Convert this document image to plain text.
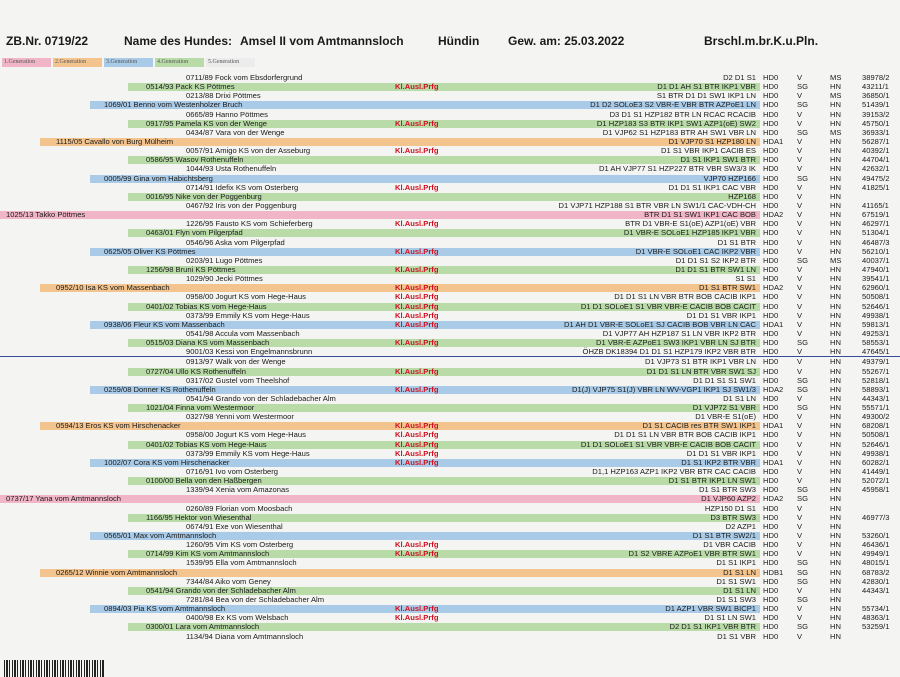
ZB.Nr. 0719/22	Name des Hundes: Amsel II vom Amtmannsloch	Hündin Gew. am: 25.03.2022	Brschl.m.br.K.u.Pln.
1.Generation	2.Generation	3.Generation	4.Generation	5.Generation
0711/89 Fock vom Ebsdorfergrund	D2 D1 S1 HD0 V	MS	38978/2
0514/93 Pack KS Pöttmes	Kl.Ausl.Prfg	D1 D1 AH S1 BTR IKP1 VBR HD0 SG	HN	43211/1
0213/88 Drixi Pöttmes	S1 BTR D1 D1 SW1 IKP1 LN HD0 V	MS	36850/1
1069/01 Benno vom Westenholzer Bruch	D1 D2 SOLoE3 S2 VBR-E VBR BTR AZPoE1 LN HD0 SG	HN	51439/1
0665/89 Hanno Pöttmes	D3 D1 S1 HZP182 BTR LN RCAC RCACIB HD0 V	HN	39153/2
0917/95 Pamela KS von der Wenge	Kl.Ausl.Prfg	D1 HZP183 S3 BTR IKP1 SW1 AZP1(oE) SW2 HD0 V	HN	45750/1
0434/87 Vara von der Wenge	D1 VJP62 S1 HZP183 BTR AH SW1 VBR LN HD0 SG	MS	36933/1
1115/05 Cavallo von Burg Mülheim	D1 VJP70 S1 HZP180 LN HDA1 V	HN	56287/1
0057/91 Amigo KS von der Asseburg	Kl.Ausl.Prfg	D1 S1 VBR IKP1 CACIB ES HD0 V	HN	40392/1
0586/95 Wasov Rothenuffeln	D1 S1 IKP1 SW1 BTR HD0 V	HN	44704/1
1044/93 Usta Rothenuffeln	D1 AH VJP77 S1 HZP227 BTR VBR SW3/3 IK HD0 V	HN	42632/1
0005/99 Gina vom Habichtsberg	VJP70 HZP166 HD0 SG	HN	49475/2
0714/91 Idefix KS vom Osterberg	Kl.Ausl.Prfg	D1 D1 S1 IKP1 CAC VBR HD0 V	HN	41825/1
0016/95 Nike von der Poggenburg	HZP168 HD0 V	HN
0467/92 Iris von der Poggenburg	D1 VJP71 HZP188 S1 BTR VBR LN SW1/1 CAC-VDH-CH HD0 V	HN	41165/1
1025/13 Takko Pöttmes	BTR D1 S1 SW1 IKP1 CAC BOB HDA2 V	HN	67519/1
1226/95 Fausto KS vom Schieferberg	Kl.Ausl.Prfg	BTR D1 VBR-E S1(oE) AZP1(oE) VBR HD0 V	HN	46297/1
0463/01 Flyn vom Pilgerpfad	D1 VBR-E SOLoE1 HZP185 IKP1 VBR HD0 V	HN	51304/1
0546/96 Aska vom Pilgerpfad	D1 S1 BTR HD0 V	HN	46487/3
0625/05 Oliver KS Pöttmes	Kl.Ausl.Prfg	D1 VBR-E SOLoE1 CAC IKP2 VBR HD0 V	HN	56210/1
0203/91 Lugo Pöttmes	D1 D1 S1 S2 IKP2 BTR HD0 SG	MS	40037/1
1256/98 Bruni KS Pöttmes	Kl.Ausl.Prfg	D1 D1 S1 BTR SW1 LN HD0 V	HN	47940/1
1029/90 Jecki Pöttmes	S1 S1 HD0 V	HN	39541/1
0952/10 Isa KS vom Massenbach	Kl.Ausl.Prfg	D1 S1 BTR SW1 HDA2 V	HN	62960/1
0958/00 Jogurt KS vom Hege-Haus	Kl.Ausl.Prfg	D1 D1 S1 LN VBR BTR BOB CACIB IKP1 HD0 V	HN	50508/1
0401/02 Tobias KS vom Hege-Haus	Kl.Ausl.Prfg	D1 D1 SOLoE1 S1 VBR VBR-E CACIB BOB CACIT HD0 V	HN	52646/1
0373/99 Emmily KS vom Hege-Haus	Kl.Ausl.Prfg	D1 D1 S1 VBR IKP1 HD0 V	HN	49938/1
0938/06 Fleur KS vom Massenbach	Kl.Ausl.Prfg	D1 AH D1 VBR-E SOLoE1 SJ CACIB BOB VBR LN CAC HDA1 V	HN	59813/1
0541/98 Accula vom Massenbach	D1 VJP77 AH HZP187 S1 LN VBR IKP2 BTR HD0 V	HN	49253/1
0515/03 Diana KS vom Massenbach	Kl.Ausl.Prfg	D1 VBR-E AZPoE1 SW3 IKP1 VBR LN SJ BTR HD0 SG	HN	58553/1
9001/03 Kessi von Engelmannsbrunn	ÖHZB DK18394 D1 D1 S1 HZP179 IKP2 VBR BTR HD0 V	HN	47645/1
0913/97 Walk von der Wenge	D1 VJP73 S1 BTR IKP1 VBR LN HD0 V	HN	49379/1
0727/04 Ullo KS Rothenuffeln	Kl.Ausl.Prfg	D1 D1 S1 LN BTR VBR SW1 SJ HD0 V	HN	55267/1
0317/02 Gustel vom Theelshof	D1 D1 S1 S1 SW1 HD0 SG	HN	52818/1
0259/08 Donner KS Rothenuffeln	Kl.Ausl.Prfg	D1(J) VJP75 S1(J) VBR LN WV-VGP1 IKP1 SJ SW1/3 HDA2 SG	HN	58893/1
0541/94 Grando von der Schladebacher Alm	D1 S1 LN HD0 V	HN	44343/1
1021/04 Finna vom Westermoor	D1 VJP72 S1 VBR HD0 SG	HN	55571/1
0327/98 Yenni vom Westermoor	D1 VBR-E S1(oE) HD0 V	HN	49300/2
0594/13 Eros KS vom Hirschenacker	Kl.Ausl.Prfg	D1 S1 CACIB res BTR SW1 IKP1 HDA1 V	HN	68208/1
0958/00 Jogurt KS vom Hege-Haus	Kl.Ausl.Prfg	D1 D1 S1 LN VBR BTR BOB CACIB IKP1 HD0 V	HN	50508/1
0401/02 Tobias KS vom Hege-Haus	Kl.Ausl.Prfg	D1 D1 SOLoE1 S1 VBR VBR-E CACIB BOB CACIT HD0 V	HN	52646/1
0373/99 Emmily KS vom Hege-Haus	Kl.Ausl.Prfg	D1 D1 S1 VBR IKP1 HD0 V	HN	49938/1
1002/07 Cora KS vom Hirschenacker	Kl.Ausl.Prfg	D1 S1 IKP2 BTR VBR HDA1 V	HN	60282/1
0716/91 Ivo vom Osterberg	D1,1 HZP163 AZP1 IKP2 VBR BTR CAC CACIB HD0 V	HN	41449/1
0100/00 Bella von den Haßbergen	D1 S1 BTR IKP1 LN SW1 HD0 V	HN	52072/1
1339/94 Xenia vom Amazonas	D1 S1 BTR SW3 HD0 SG	HN	45958/1
0737/17 Yana vom Amtmannsloch	D1 VJP60 AZP2 HDA2 SG	HN
0260/89 Florian vom Moosbach	HZP150 D1 S1 HD0 V	HN
1166/95 Hektor von Wiesenthal	D3 BTR SW3 HD0 V	HN	46977/3
0674/91 Exe von Wiesenthal	D2 AZP1 HD0 V	HN
0565/01 Max vom Amtmannsloch	D1 S1 BTR SW2/1 HD0 V	HN	53260/1
1260/95 Vim KS vom Osterberg	Kl.Ausl.Prfg	D1 VBR CACIB HD0 V	HN	46436/1
0714/99 Kim KS vom Amtmannsloch	Kl.Ausl.Prfg	D1 S2 VBRE AZPoE1 VBR BTR SW1 HD0 V	HN	49949/1
1539/95 Ella vom Amtmannsloch	D1 S1 IKP1 HD0 SG	HN	48015/1
0265/12 Winnie vom Amtmannsloch	D1 S1 LN HDB1 SG	HN	68783/2
7344/84 Aiko vom Geney	D1 S1 SW1 HD0 SG	HN	42830/1
0541/94 Grando von der Schladebacher Alm	D1 S1 LN HD0 V	HN	44343/1
7281/84 Bea von der Schladebacher Alm	D1 S1 SW3 HD0 SG	HN
0894/03 Pia KS vom Amtmannsloch	Kl.Ausl.Prfg	D1 AZP1 VBR SW1 BICP1 HD0 V	HN	55734/1
0400/98 Ex KS vom Welsbach	Kl.Ausl.Prfg	D1 S1 LN SW1 HD0 V	HN	48363/1
0300/01 Lara vom Amtmannsloch	D2 D1 S1 IKP1 VBR BTR HD0 SG	HN	53259/1
1134/94 Diana vom Amtmannsloch	D1 S1 VBR HD0 V	HN
